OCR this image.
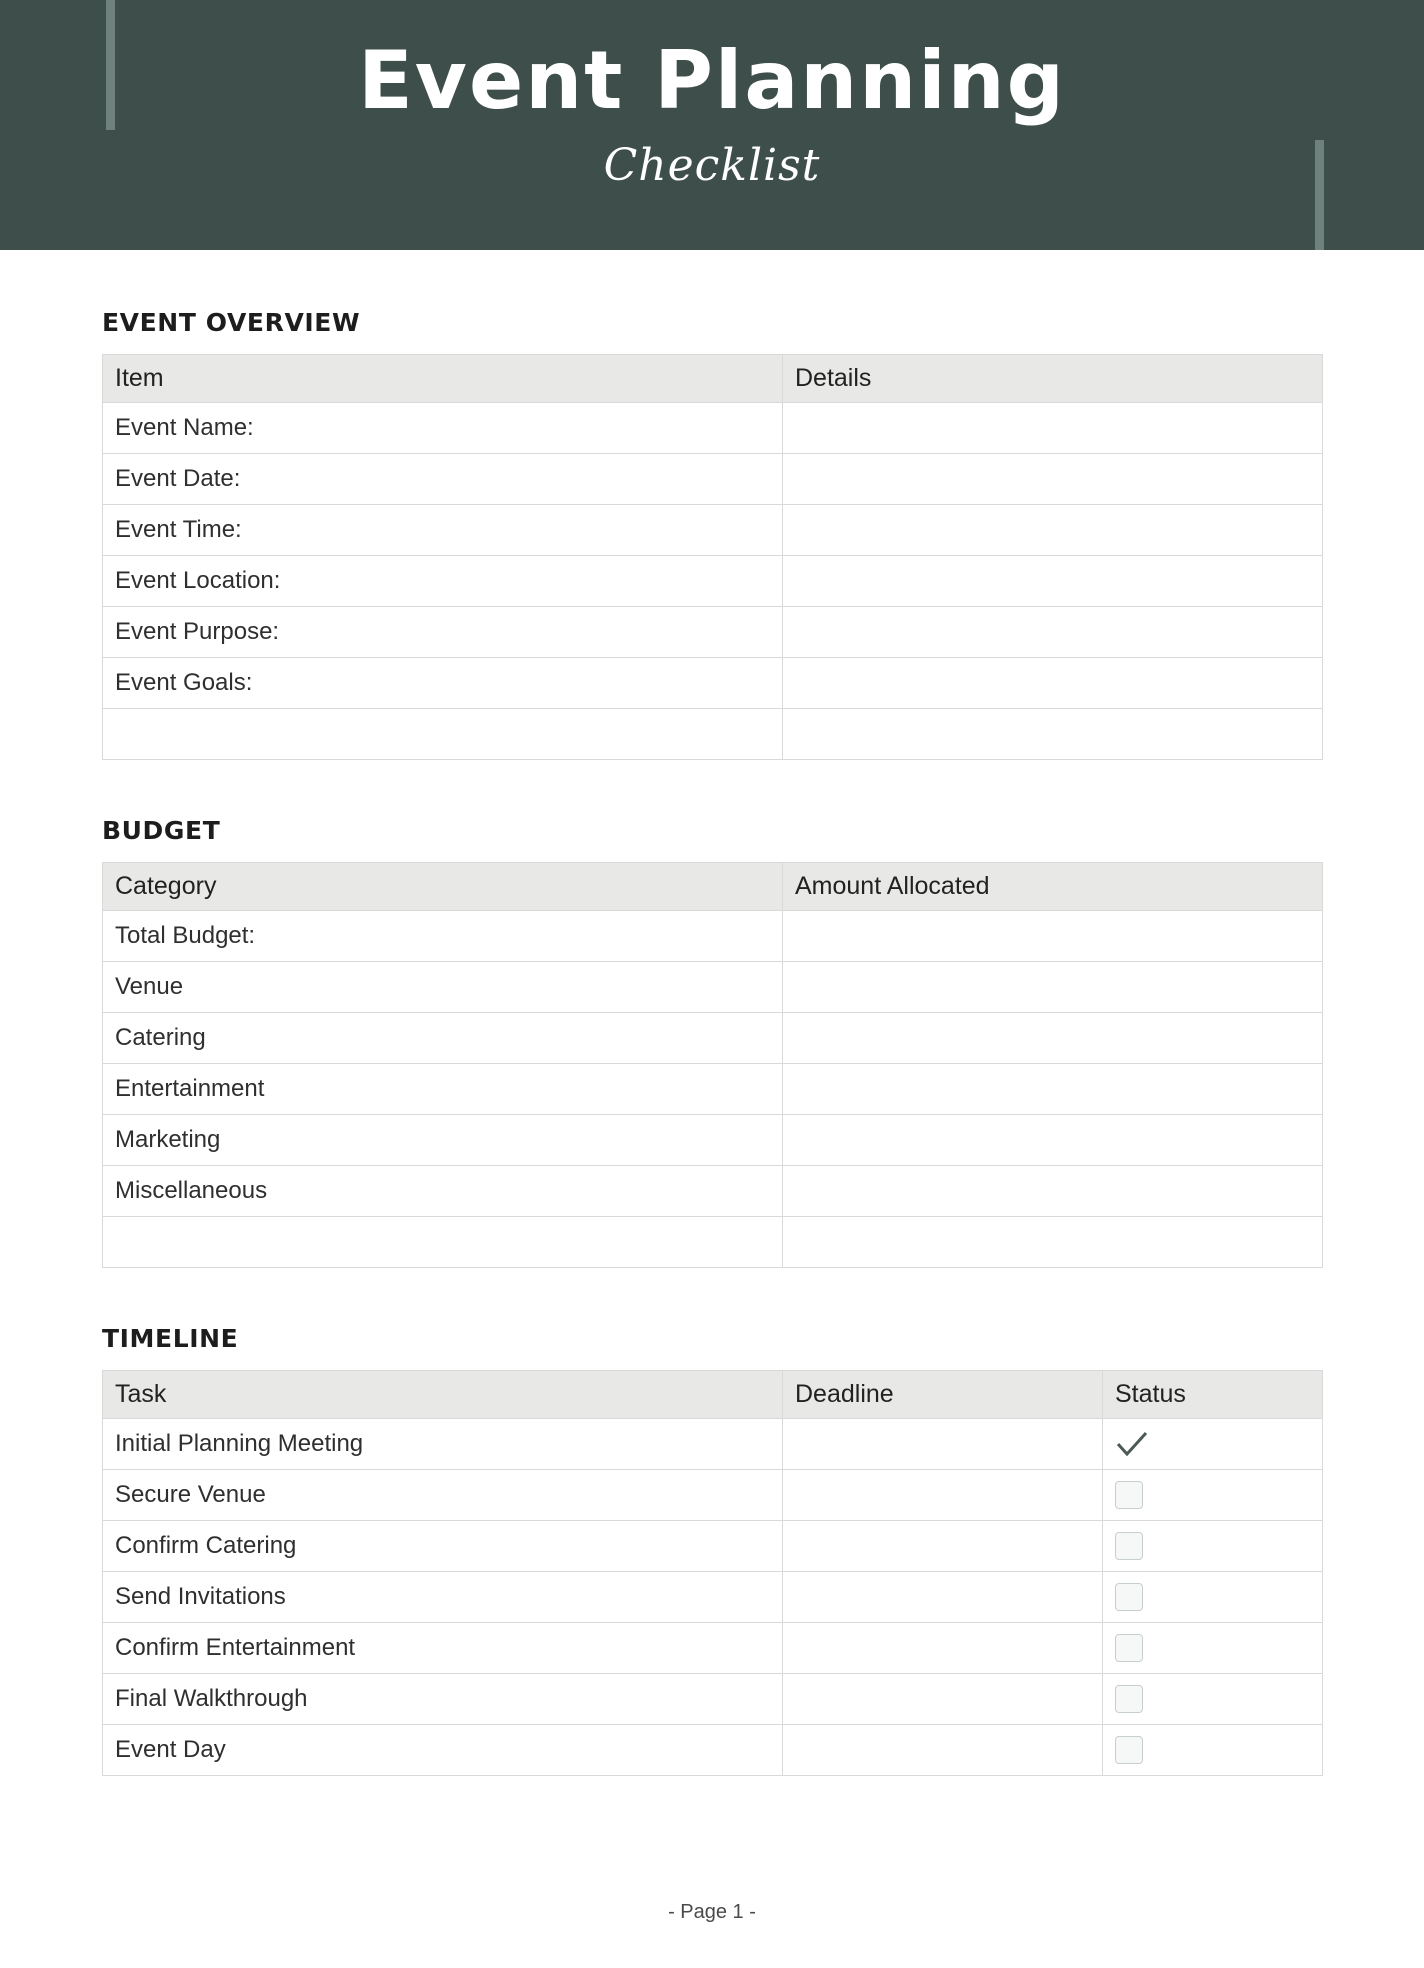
Event Planning
Checklist
EVENT OVERVIEW
Item	Details
Event Name:	
Event Date:	
Event Time:	
Event Location:	
Event Purpose:	
Event Goals:	

BUDGET
Category	Amount Allocated
Total Budget:	
Venue	
Catering	
Entertainment	
Marketing	
Miscellaneous	

TIMELINE
Task	Deadline	Status
Initial Planning Meeting		

Secure Venue		
Confirm Catering		
Send Invitations		
Confirm Entertainment		
Final Walkthrough		
Event Day		
- Page 1 -
